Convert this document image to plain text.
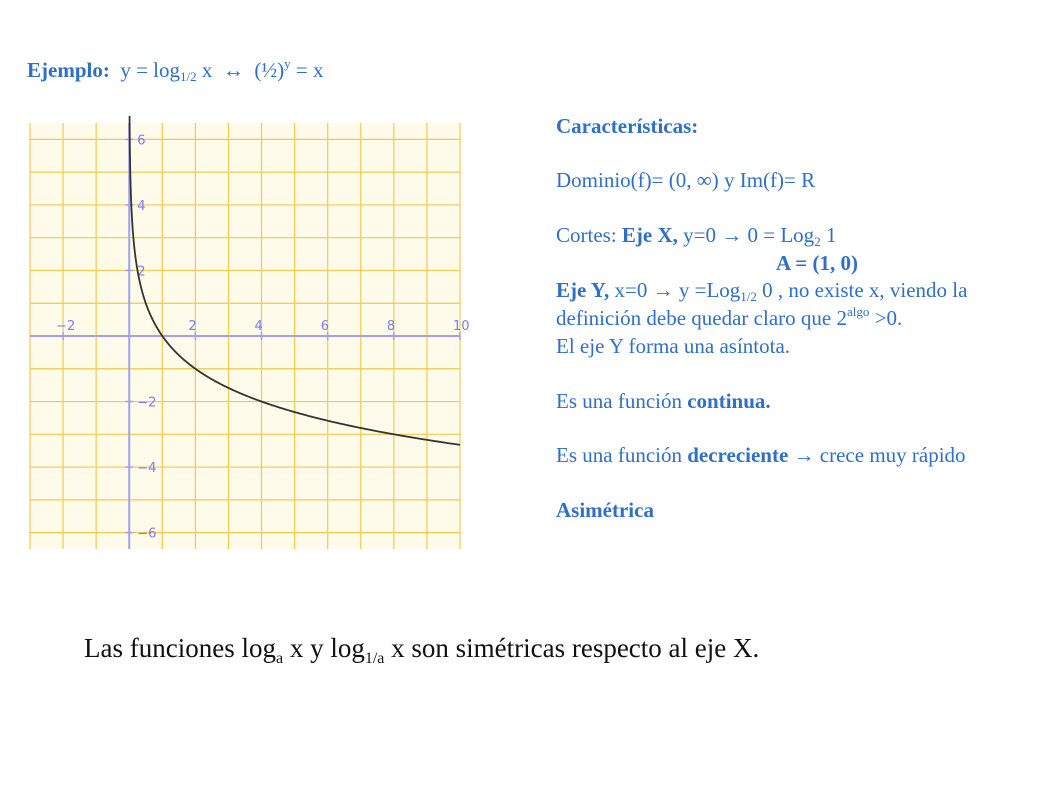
Ejemplo: $y = \log_{1/2} x$  ↔  (½)$^y$ = x
−2	2	4	6	8	10
6
4
2
−2
−4
−6
Características:
Dominio(f)= (0, ∞) y Im(f)= R
Cortes: Eje X, y=0 → 0 = Log$_2$ 1
A = (1, 0)
Eje Y, x=0 → y =Log$_{1/2}$ 0 , no existe x, viendo la
definición debe quedar claro que $2^{algo} >0$.
El eje Y forma una asíntota.
Es una función continua.
Es una función decreciente → crece muy rápido
Asimétrica
Las funciones $\log_a x$ y $\log_{1/a} x$ son simétricas respecto al eje X.
